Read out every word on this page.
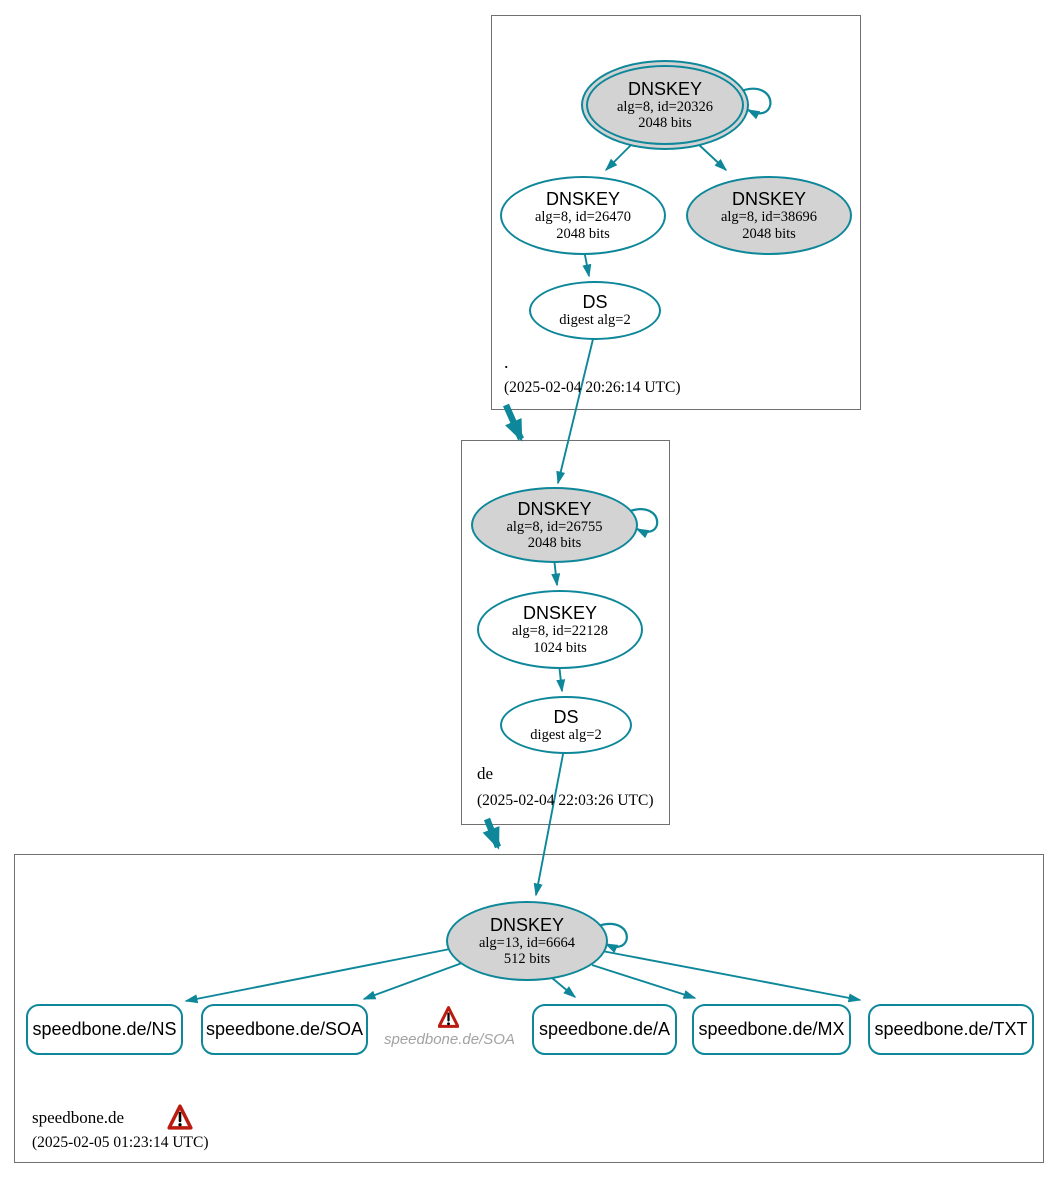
DNSKEY
alg=8, id=20326
2048 bits
DNSKEY
alg=8, id=26470
2048 bits
DNSKEY
alg=8, id=38696
2048 bits
DS
digest alg=2
.
(2025-02-04 20:26:14 UTC)
DNSKEY
alg=8, id=26755
2048 bits
DNSKEY
alg=8, id=22128
1024 bits
DS
digest alg=2
de
(2025-02-04 22:03:26 UTC)
DNSKEY
alg=13, id=6664
512 bits
speedbone.de/NS speedbone.de/SOA	speedbone.de/A speedbone.de/MX speedbone.de/TXT
speedbone.de/SOA
speedbone.de
(2025-02-05 01:23:14 UTC)
